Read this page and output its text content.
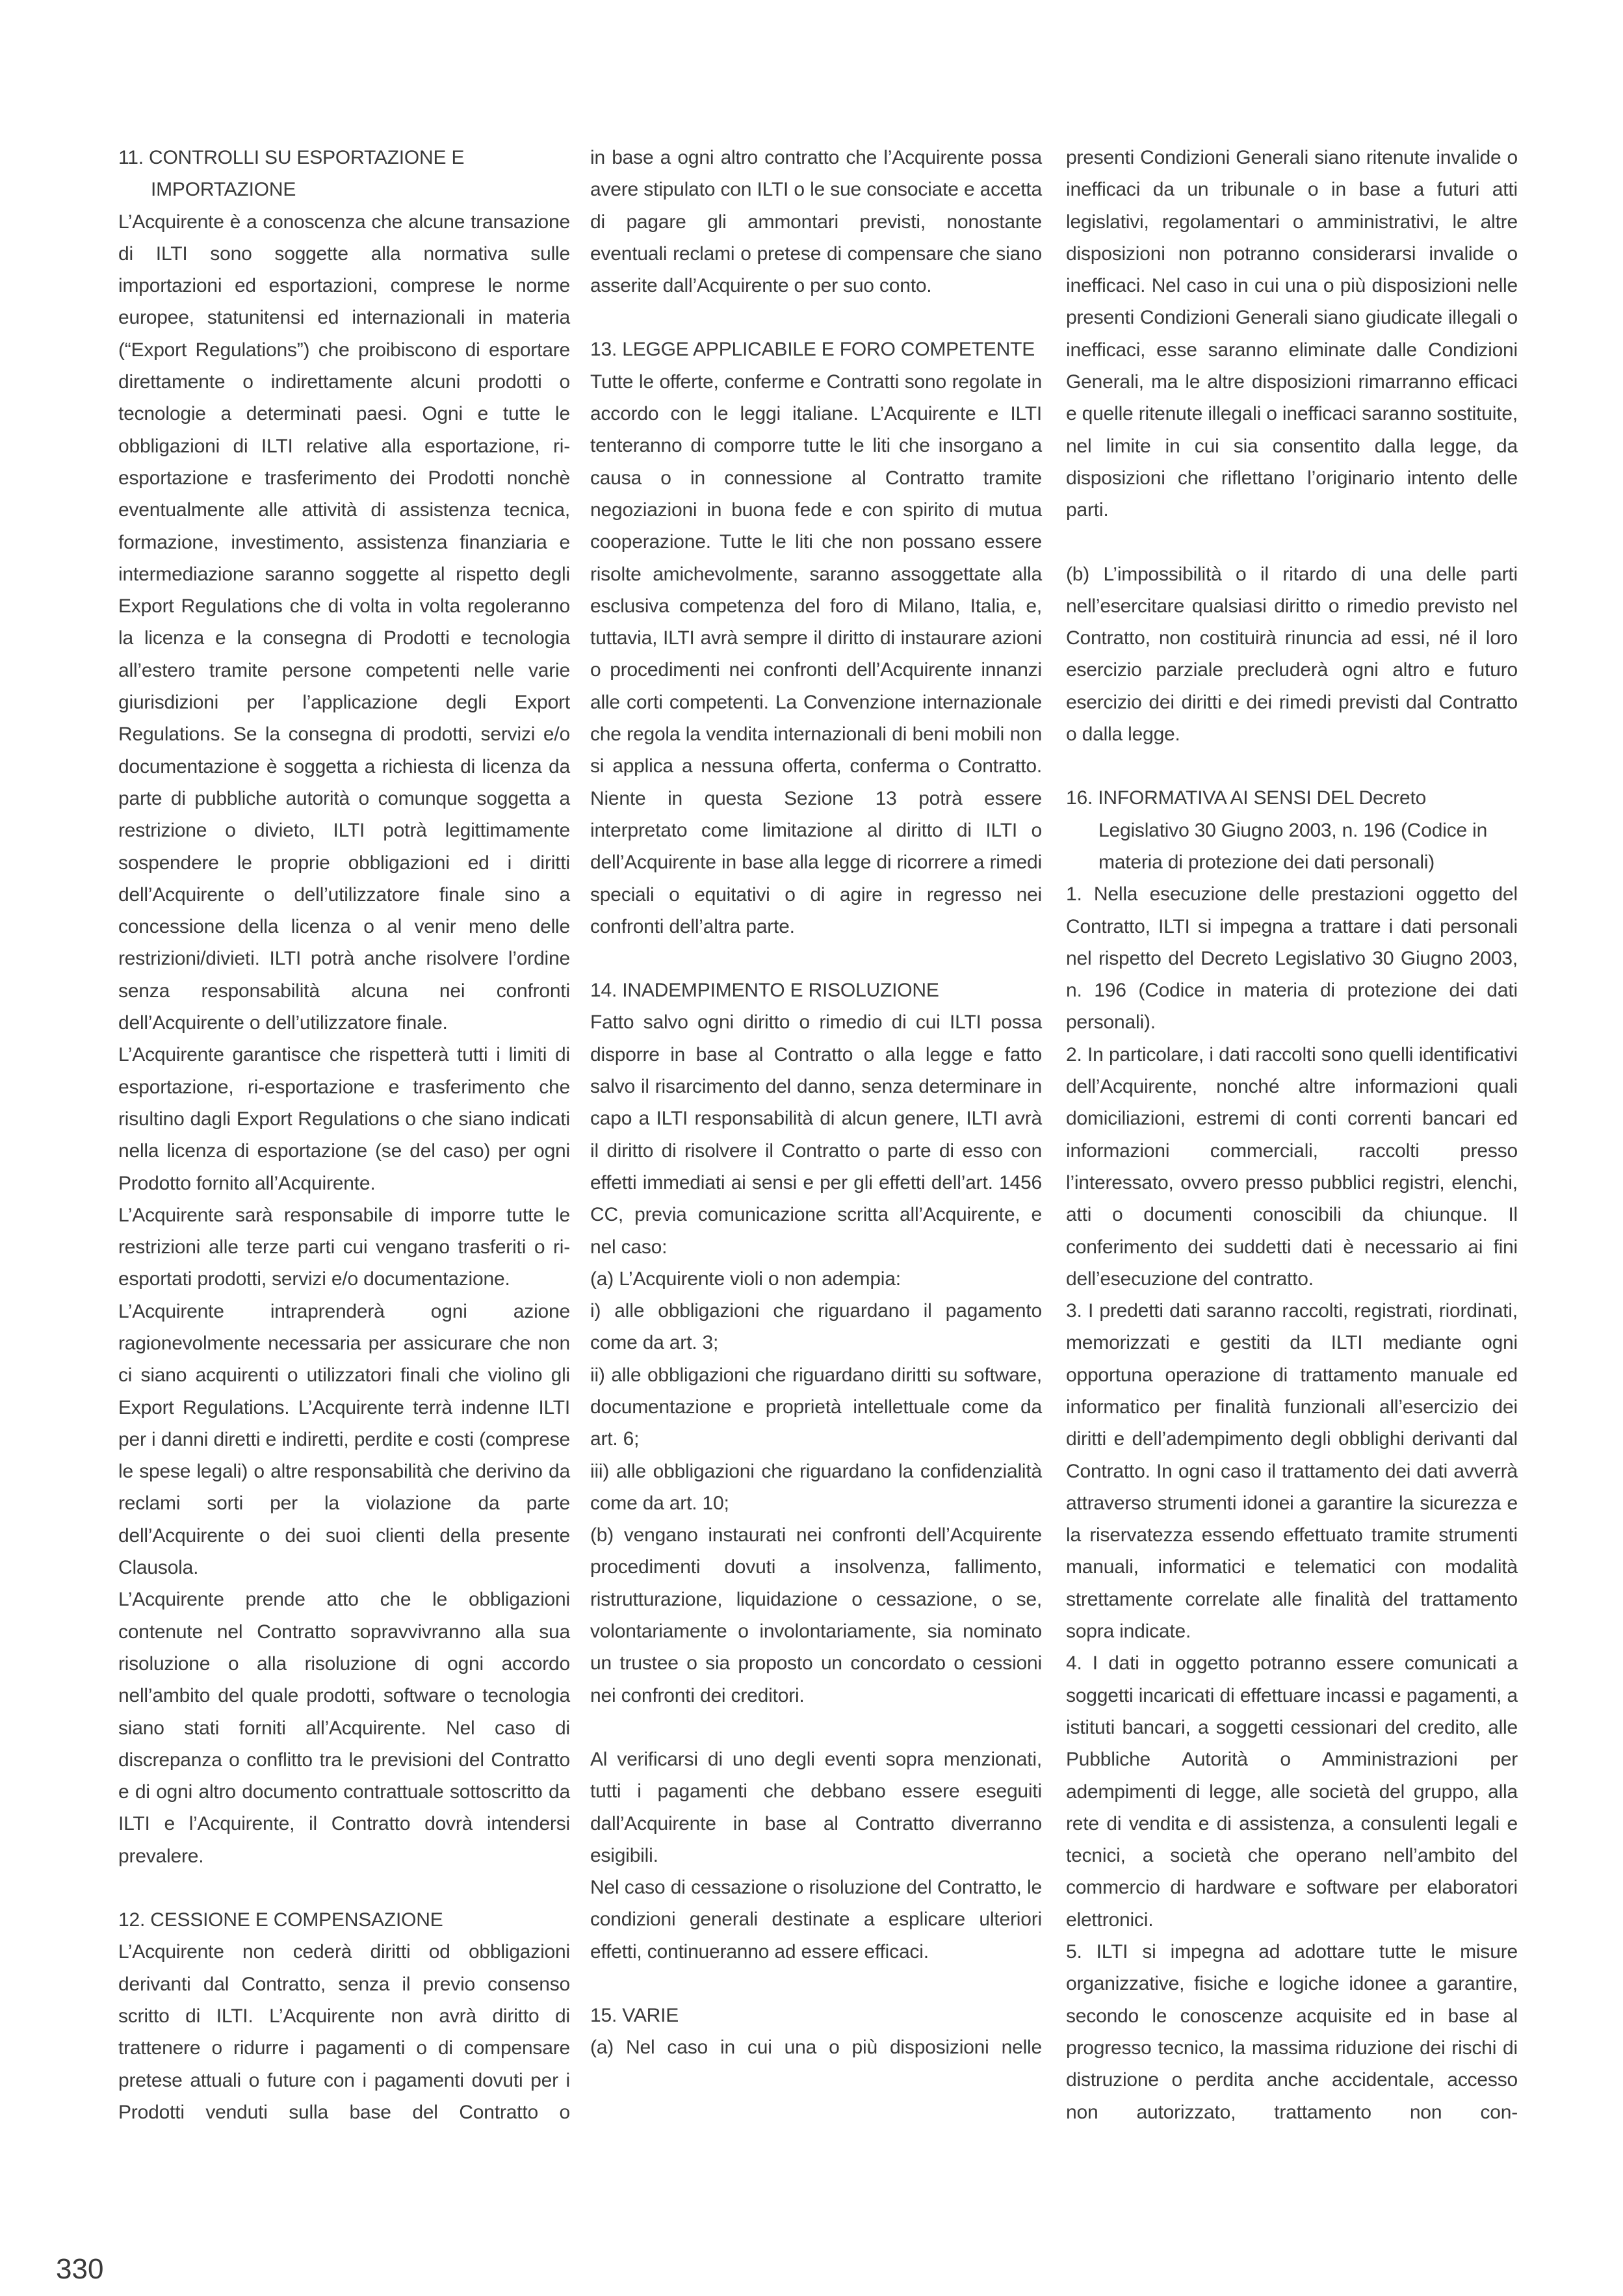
11. CONTROLLI SU ESPORTAZIONE E IMPORTAZIONE

L’Acquirente è a conoscenza che alcune transazione di ILTI sono soggette alla normativa sulle importazioni ed esportazioni, comprese le norme europee, statunitensi ed internazionali in materia (“Export Regulations”) che proibiscono di esportare direttamente o indirettamente alcuni prodotti o tecnologie a determinati paesi. Ogni e tutte le obbligazioni di ILTI relative alla esportazione, ri-esportazione e trasferimento dei Prodotti nonchè eventualmente alle attività di assistenza tecnica, formazione, investimento, assistenza finanziaria e intermediazione saranno soggette al rispetto degli Export Regulations che di volta in volta regoleranno la licenza e la consegna di Prodotti e tecnologia all’estero tramite persone competenti nelle varie giurisdizioni per l’applicazione degli Export Regulations. Se la consegna di prodotti, servizi e/o documentazione è soggetta a richiesta di licenza da parte di pubbliche autorità o comunque soggetta a restrizione o divieto, ILTI potrà legittimamente sospendere le proprie obbligazioni ed i diritti dell’Acquirente o dell’utilizzatore finale sino a concessione della licenza o al venir meno delle restrizioni/divieti. ILTI potrà anche risolvere l’ordine senza responsabilità alcuna nei confronti dell’Acquirente o dell’utilizzatore finale.

L’Acquirente garantisce che rispetterà tutti i limiti di esportazione, ri-esportazione e trasferimento che risultino dagli Export Regulations o che siano indicati nella licenza di esportazione (se del caso) per ogni Prodotto fornito all’Acquirente.

L’Acquirente sarà responsabile di imporre tutte le restrizioni alle terze parti cui vengano trasferiti o ri-esportati prodotti, servizi e/o documentazione.

L’Acquirente intraprenderà ogni azione ragionevolmente necessaria per assicurare che non ci siano acquirenti o utilizzatori finali che violino gli Export Regulations. L’Acquirente terrà indenne ILTI per i danni diretti e indiretti, perdite e costi (comprese le spese legali) o altre responsabilità che derivino da reclami sorti per la violazione da parte dell’Acquirente o dei suoi clienti della presente Clausola.

L’Acquirente prende atto che le obbligazioni contenute nel Contratto sopravvivranno alla sua risoluzione o alla risoluzione di ogni accordo nell’ambito del quale prodotti, software o tecnologia siano stati forniti all’Acquirente. Nel caso di discrepanza o conflitto tra le previsioni del Contratto e di ogni altro documento contrattuale sottoscritto da ILTI e l’Acquirente, il Contratto dovrà intendersi prevalere.

12. CESSIONE E COMPENSAZIONE

L’Acquirente non cederà diritti od obbligazioni derivanti dal Contratto, senza il previo consenso scritto di ILTI. L’Acquirente non avrà diritto di trattenere o ridurre i pagamenti o di compensare pretese attuali o future con i pagamenti dovuti per i Prodotti venduti sulla base del Contratto o

in base a ogni altro contratto che l’Acquirente possa avere stipulato con ILTI o le sue consociate e accetta di pagare gli ammontari previsti, nonostante eventuali reclami o pretese di compensare che siano asserite dall’Acquirente o per suo conto.

13. LEGGE APPLICABILE E FORO COMPETENTE

Tutte le offerte, conferme e Contratti sono regolate in accordo con le leggi italiane. L’Acquirente e ILTI tenteranno di comporre tutte le liti che insorgano a causa o in connessione al Contratto tramite negoziazioni in buona fede e con spirito di mutua cooperazione. Tutte le liti che non possano essere risolte amichevolmente, saranno assoggettate alla esclusiva competenza del foro di Milano, Italia, e, tuttavia, ILTI avrà sempre il diritto di instaurare azioni o procedimenti nei confronti dell’Acquirente innanzi alle corti competenti. La Convenzione internazionale che regola la vendita internazionali di beni mobili non si applica a nessuna offerta, conferma o Contratto. Niente in questa Sezione 13 potrà essere interpretato come limitazione al diritto di ILTI o dell’Acquirente in base alla legge di ricorrere a rimedi speciali o equitativi o di agire in regresso nei confronti dell’altra parte.

14. INADEMPIMENTO E RISOLUZIONE

Fatto salvo ogni diritto o rimedio di cui ILTI possa disporre in base al Contratto o alla legge e fatto salvo il risarcimento del danno, senza determinare in capo a ILTI responsabilità di alcun genere, ILTI avrà il diritto di risolvere il Contratto o parte di esso con effetti immediati ai sensi e per gli effetti dell’art. 1456 CC, previa comunicazione scritta all’Acquirente, e nel caso:

(a) L’Acquirente violi o non adempia:

i) alle obbligazioni che riguardano il pagamento come da art. 3;

ii) alle obbligazioni che riguardano diritti su software, documentazione e proprietà intellettuale come da art. 6;

iii) alle obbligazioni che riguardano la confidenzialità come da art. 10;

(b) vengano instaurati nei confronti dell’Acquirente procedimenti dovuti a insolvenza, fallimento, ristrutturazione, liquidazione o cessazione, o se, volontariamente o involontariamente, sia nominato un trustee o sia proposto un concordato o cessioni nei confronti dei creditori.

Al verificarsi di uno degli eventi sopra menzionati, tutti i pagamenti che debbano essere eseguiti dall’Acquirente in base al Contratto diverranno esigibili.

Nel caso di cessazione o risoluzione del Contratto, le condizioni generali destinate a esplicare ulteriori effetti, continueranno ad essere efficaci.

15. VARIE

(a) Nel caso in cui una o più disposizioni nelle

presenti Condizioni Generali siano ritenute invalide o inefficaci da un tribunale o in base a futuri atti legislativi, regolamentari o amministrativi, le altre disposizioni non potranno considerarsi invalide o inefficaci. Nel caso in cui una o più disposizioni nelle presenti Condizioni Generali siano giudicate illegali o inefficaci, esse saranno eliminate dalle Condizioni Generali, ma le altre disposizioni rimarranno efficaci e quelle ritenute illegali o inefficaci saranno sostituite, nel limite in cui sia consentito dalla legge, da disposizioni che riflettano l’originario intento delle parti.

(b) L’impossibilità o il ritardo di una delle parti nell’esercitare qualsiasi diritto o rimedio previsto nel Contratto, non costituirà rinuncia ad essi, né il loro esercizio parziale precluderà ogni altro e futuro esercizio dei diritti e dei rimedi previsti dal Contratto o dalla legge.

16. INFORMATIVA AI SENSI DEL Decreto Legislativo 30 Giugno 2003, n. 196 (Codice in materia di protezione dei dati personali)

1. Nella esecuzione delle prestazioni oggetto del Contratto, ILTI si impegna a trattare i dati personali nel rispetto del Decreto Legislativo 30 Giugno 2003, n. 196 (Codice in materia di protezione dei dati personali).

2. In particolare, i dati raccolti sono quelli identificativi dell’Acquirente, nonché altre informazioni quali domiciliazioni, estremi di conti correnti bancari ed informazioni commerciali, raccolti presso l’interessato, ovvero presso pubblici registri, elenchi, atti o documenti conoscibili da chiunque. Il conferimento dei suddetti dati è necessario ai fini dell’esecuzione del contratto.

3. I predetti dati saranno raccolti, registrati, riordinati, memorizzati e gestiti da ILTI mediante ogni opportuna operazione di trattamento manuale ed informatico per finalità funzionali all’esercizio dei diritti e dell’adempimento degli obblighi derivanti dal Contratto. In ogni caso il trattamento dei dati avverrà attraverso strumenti idonei a garantire la sicurezza e la riservatezza essendo effettuato tramite strumenti manuali, informatici e telematici con modalità strettamente correlate alle finalità del trattamento sopra indicate.

4. I dati in oggetto potranno essere comunicati a soggetti incaricati di effettuare incassi e pagamenti, a istituti bancari, a soggetti cessionari del credito, alle Pubbliche Autorità o Amministrazioni per adempimenti di legge, alle società del gruppo, alla rete di vendita e di assistenza, a consulenti legali e tecnici, a società che operano nell’ambito del commercio di hardware e software per elaboratori elettronici.

5. ILTI si impegna ad adottare tutte le misure organizzative, fisiche e logiche idonee a garantire, secondo le conoscenze acquisite ed in base al progresso tecnico, la massima riduzione dei rischi di distruzione o perdita anche accidentale, accesso non autorizzato, trattamento non con-

330
